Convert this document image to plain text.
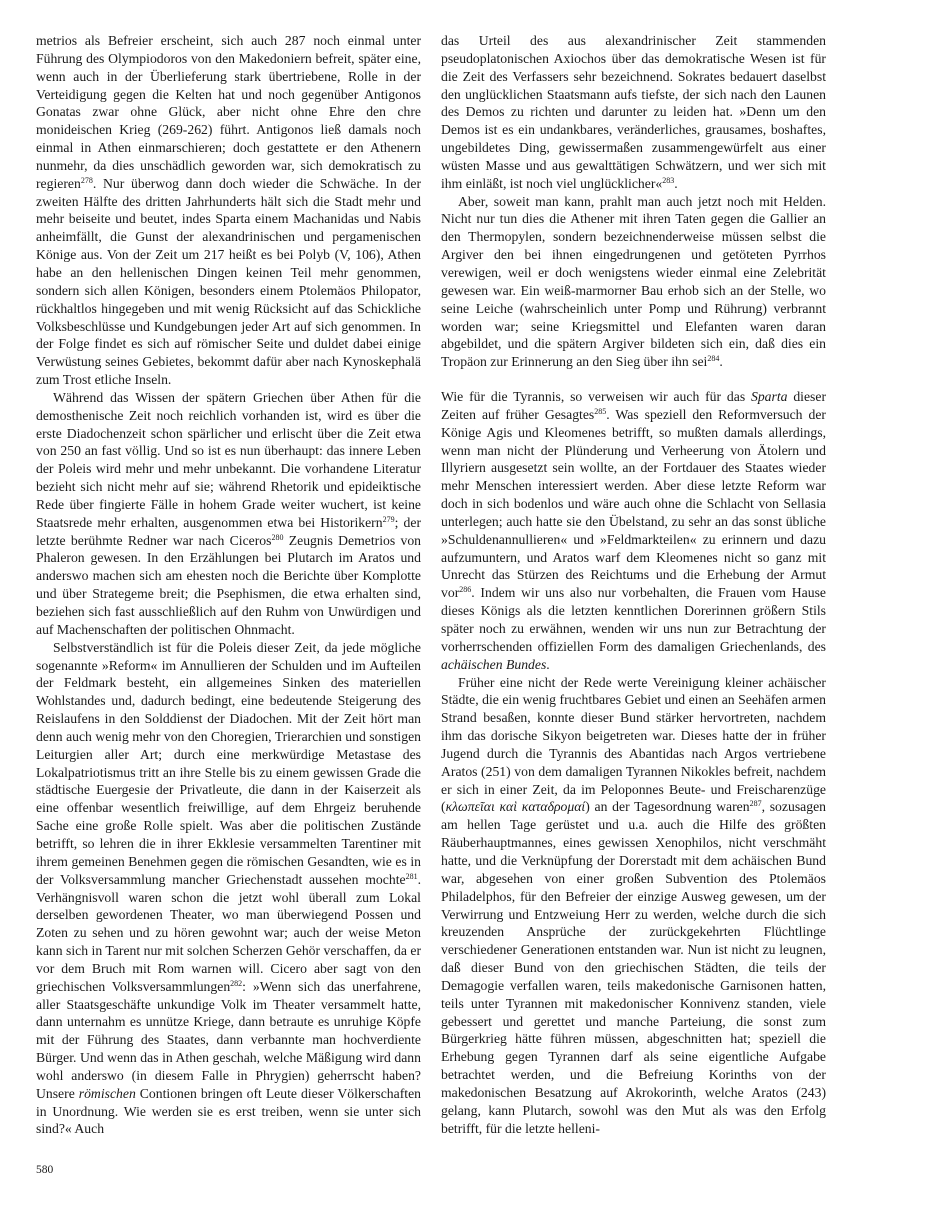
metrios als Befreier erscheint, sich auch 287 noch einmal unter Führung des Olympiodoros von den Makedoniern befreit, später eine, wenn auch in der Überlieferung stark übertriebene, Rolle in der Verteidigung gegen die Kelten hat und noch gegenüber Antigonos Gonatas zwar ohne Glück, aber nicht ohne Ehre den chre monideischen Krieg (269-262) führt. Antigonos ließ damals noch einmal in Athen einmarschieren; doch gestattete er den Athenern nunmehr, da dies unschädlich geworden war, sich demokratisch zu regieren$^{278}$. Nur überwog dann doch wieder die Schwäche. In der zweiten Hälfte des dritten Jahrhunderts hält sich die Stadt mehr und mehr beiseite und beutet, indes Sparta einem Machanidas und Nabis anheimfällt, die Gunst der alexandrinischen und pergamenischen Könige aus. Von der Zeit um 217 heißt es bei Polyb (V, 106), Athen habe an den hellenischen Dingen keinen Teil mehr genommen, sondern sich allen Königen, besonders einem Ptolemäos Philopator, rückhaltlos hingegeben und mit wenig Rücksicht auf das Schickliche Volksbeschlüsse und Kundgebungen jeder Art auf sich genommen. In der Folge findet es sich auf römischer Seite und duldet dabei einige Verwüstung seines Gebietes, bekommt dafür aber nach Kynoskephalä zum Trost etliche Inseln.

Während das Wissen der spätern Griechen über Athen für die demosthenische Zeit noch reichlich vorhanden ist, wird es über die erste Diadochenzeit schon spärlicher und erlischt über die Zeit etwa von 250 an fast völlig. Und so ist es nun überhaupt: das innere Leben der Poleis wird mehr und mehr unbekannt. Die vorhandene Literatur bezieht sich nicht mehr auf sie; während Rhetorik und epideiktische Rede über fingierte Fälle in hohem Grade weiter wuchert, ist keine Staatsrede mehr erhalten, ausgenommen etwa bei Historikern$^{279}$; der letzte berühmte Redner war nach Ciceros$^{280}$ Zeugnis Demetrios von Phaleron gewesen. In den Erzählungen bei Plutarch im Aratos und anderswo machen sich am ehesten noch die Berichte über Komplotte und über Strategeme breit; die Psephismen, die etwa erhalten sind, beziehen sich fast ausschließlich auf den Ruhm von Unwürdigen und auf Machenschaften der politischen Ohnmacht.

Selbstverständlich ist für die Poleis dieser Zeit, da jede mögliche sogenannte »Reform« im Annullieren der Schulden und im Aufteilen der Feldmark besteht, ein allgemeines Sinken des materiellen Wohlstandes und, dadurch bedingt, eine bedeutende Steigerung des Reislaufens in den Solddienst der Diadochen. Mit der Zeit hört man denn auch wenig mehr von den Choregien, Trierarchien und sonstigen Leiturgien aller Art; durch eine merkwürdige Metastase des Lokalpatriotismus tritt an ihre Stelle bis zu einem gewissen Grade die städtische Euergesie der Privatleute, die dann in der Kaiserzeit als eine offenbar wesentlich freiwillige, auf dem Ehrgeiz beruhende Sache eine große Rolle spielt. Was aber die politischen Zustände betrifft, so lehren die in ihrer Ekklesie versammelten Tarentiner mit ihrem gemeinen Benehmen gegen die römischen Gesandten, wie es in der Volksversammlung mancher Griechenstadt aussehen mochte$^{281}$. Verhängnisvoll waren schon die jetzt wohl überall zum Lokal derselben gewordenen Theater, wo man überwiegend Possen und Zoten zu sehen und zu hören gewohnt war; auch der weise Meton kann sich in Tarent nur mit solchen Scherzen Gehör verschaffen, da er vor dem Bruch mit Rom warnen will. Cicero aber sagt von den griechischen Volksversammlungen$^{282}$: »Wenn sich das unerfahrene, aller Staatsgeschäfte unkundige Volk im Theater versammelt hatte, dann unternahm es unnütze Kriege, dann betraute es unruhige Köpfe mit der Führung des Staates, dann verbannte man hochverdiente Bürger. Und wenn das in Athen geschah, welche Mäßigung wird dann wohl anderswo (in diesem Falle in Phrygien) geherrscht haben? Unsere römischen Contionen bringen oft Leute dieser Völkerschaften in Unordnung. Wie werden sie es erst treiben, wenn sie unter sich sind?« Auch

das Urteil des aus alexandrinischer Zeit stammenden pseudoplatonischen Axiochos über das demokratische Wesen ist für die Zeit des Verfassers sehr bezeichnend. Sokrates bedauert daselbst den unglücklichen Staatsmann aufs tiefste, der sich nach den Launen des Demos zu richten und darunter zu leiden hat. »Denn um den Demos ist es ein undankbares, veränderliches, grausames, boshaftes, ungebildetes Ding, gewissermaßen zusammengewürfelt aus einer wüsten Masse und aus gewalttätigen Schwätzern, und wer sich mit ihm einläßt, ist noch viel unglücklicher«$^{283}$.

Aber, soweit man kann, prahlt man auch jetzt noch mit Helden. Nicht nur tun dies die Athener mit ihren Taten gegen die Gallier an den Thermopylen, sondern bezeichnenderweise müssen selbst die Argiver den bei ihnen eingedrungenen und getöteten Pyrrhos verewigen, weil er doch wenigstens wieder einmal eine Zelebrität gewesen war. Ein weiß-marmorner Bau erhob sich an der Stelle, wo seine Leiche (wahrscheinlich unter Pomp und Rührung) verbrannt worden war; seine Kriegsmittel und Elefanten waren daran abgebildet, und die spätern Argiver bildeten sich ein, daß dies ein Tropäon zur Erinnerung an den Sieg über ihn sei$^{284}$.

Wie für die Tyrannis, so verweisen wir auch für das Sparta dieser Zeiten auf früher Gesagtes$^{285}$. Was speziell den Reformversuch der Könige Agis und Kleomenes betrifft, so mußten damals allerdings, wenn man nicht der Plünderung und Verheerung von Ätolern und Illyriern ausgesetzt sein wollte, an der Fortdauer des Staates wieder mehr Menschen interessiert werden. Aber diese letzte Reform war doch in sich bodenlos und wäre auch ohne die Schlacht von Sellasia unterlegen; auch hatte sie den Übelstand, zu sehr an das sonst übliche »Schuldenannullieren« und »Feldmarkteilen« zu erinnern und dazu aufzumuntern, und Aratos warf dem Kleomenes nicht so ganz mit Unrecht das Stürzen des Reichtums und die Erhebung der Armut vor$^{286}$. Indem wir uns also nur vorbehalten, die Frauen vom Hause dieses Königs als die letzten kenntlichen Dorerinnen größern Stils später noch zu erwähnen, wenden wir uns nun zur Betrachtung der vorherrschenden offiziellen Form des damaligen Griechenlands, des achäischen Bundes.

Früher eine nicht der Rede werte Vereinigung kleiner achäischer Städte, die ein wenig fruchtbares Gebiet und einen an Seehäfen armen Strand besaßen, konnte dieser Bund stärker hervortreten, nachdem ihm das dorische Sikyon beigetreten war. Dieses hatte der in früher Jugend durch die Tyrannis des Abantidas nach Argos vertriebene Aratos (251) von dem damaligen Tyrannen Nikokles befreit, nachdem er sich in einer Zeit, da im Peloponnes Beute- und Freischarenzüge (κλωπεῖαι καὶ καταδρομαί) an der Tagesordnung waren$^{287}$, sozusagen am hellen Tage gerüstet und u.a. auch die Hilfe des größten Räuberhauptmannes, eines gewissen Xenophilos, nicht verschmäht hatte, und die Verknüpfung der Dorerstadt mit dem achäischen Bund war, abgesehen von einer großen Subvention des Ptolemäos Philadelphos, für den Befreier der einzige Ausweg gewesen, um der Verwirrung und Entzweiung Herr zu werden, welche durch die sich kreuzenden Ansprüche der zurückgekehrten Flüchtlinge verschiedener Generationen entstanden war. Nun ist nicht zu leugnen, daß dieser Bund von den griechischen Städten, die teils der Demagogie verfallen waren, teils makedonische Garnisonen hatten, teils unter Tyrannen mit makedonischer Konnivenz standen, viele gebessert und gerettet und manche Parteiung, die sonst zum Bürgerkrieg hätte führen müssen, abgeschnitten hat; speziell die Erhebung gegen Tyrannen darf als seine eigentliche Aufgabe betrachtet werden, und die Befreiung Korinths von der makedonischen Besatzung auf Akrokorinth, welche Aratos (243) gelang, kann Plutarch, sowohl was den Mut als was den Erfolg betrifft, für die letzte helleni-

580
